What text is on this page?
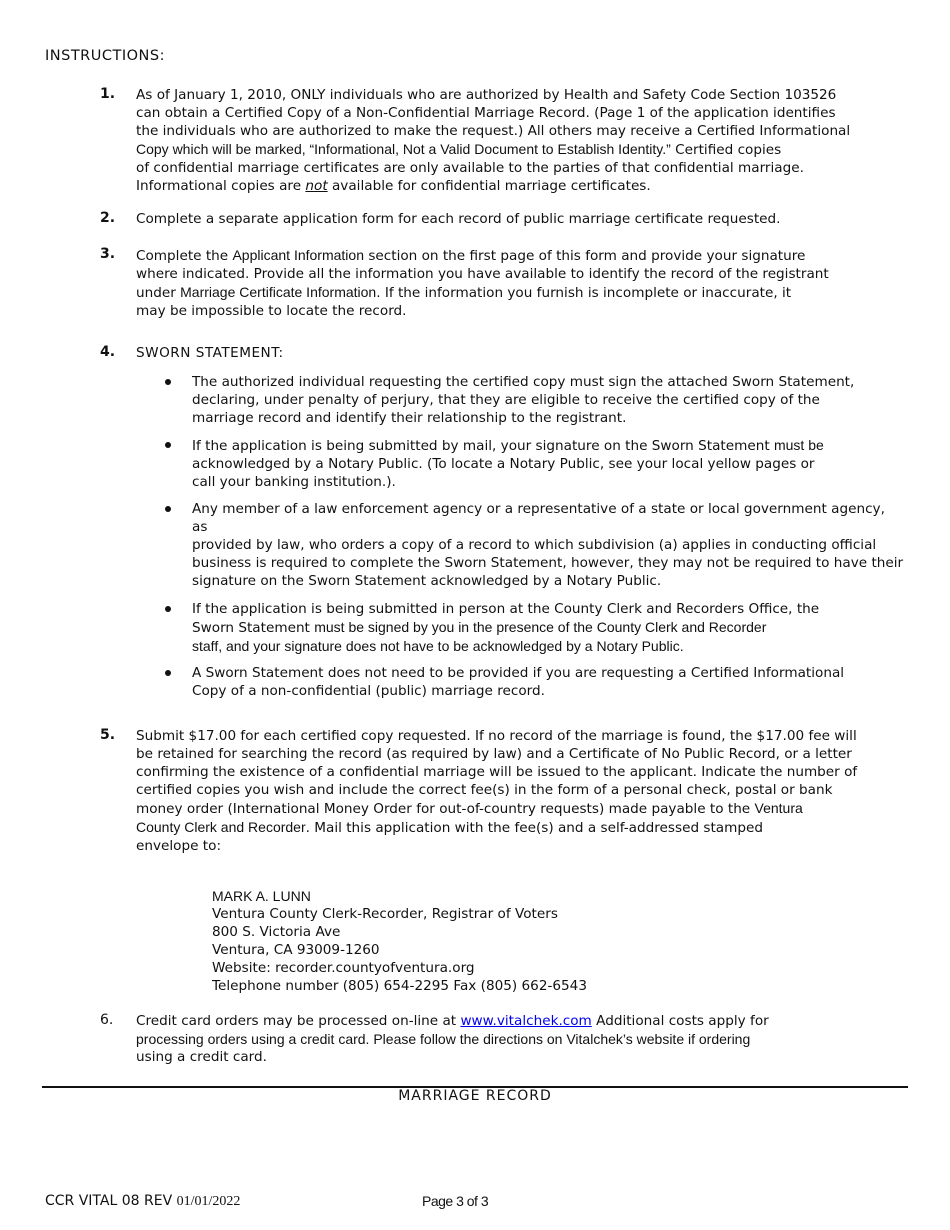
INSTRUCTIONS:
1. As of January 1, 2010, ONLY individuals who are authorized by Health and Safety Code Section 103526
can obtain a Certified Copy of a Non-Confidential Marriage Record. (Page 1 of the application identifies
the individuals who are authorized to make the request.) All others may receive a Certified Informational
Copy which will be marked, “Informational, Not a Valid Document to Establish Identity.” Certified copies
of confidential marriage certificates are only available to the parties of that confidential marriage.
Informational copies are not available for confidential marriage certificates.
2. Complete a separate application form for each record of public marriage certificate requested.
3. Complete the Applicant Information section on the first page of this form and provide your signature
where indicated. Provide all the information you have available to identify the record of the registrant
under Marriage Certificate Information. If the information you furnish is incomplete or inaccurate, it
may be impossible to locate the record.
4. SWORN STATEMENT:
The authorized individual requesting the certified copy must sign the attached Sworn Statement,
declaring, under penalty of perjury, that they are eligible to receive the certified copy of the
marriage record and identify their relationship to the registrant.
If the application is being submitted by mail, your signature on the Sworn Statement must be
acknowledged by a Notary Public. (To locate a Notary Public, see your local yellow pages or
call your banking institution.).
Any member of a law enforcement agency or a representative of a state or local government agency, as
provided by law, who orders a copy of a record to which subdivision (a) applies in conducting official
business is required to complete the Sworn Statement, however, they may not be required to have their
signature on the Sworn Statement acknowledged by a Notary Public.
If the application is being submitted in person at the County Clerk and Recorders Office, the
Sworn Statement must be signed by you in the presence of the County Clerk and Recorder
staff, and your signature does not have to be acknowledged by a Notary Public.
A Sworn Statement does not need to be provided if you are requesting a Certified Informational
Copy of a non-confidential (public) marriage record.
5. Submit $17.00 for each certified copy requested. If no record of the marriage is found, the $17.00 fee will
be retained for searching the record (as required by law) and a Certificate of No Public Record, or a letter
confirming the existence of a confidential marriage will be issued to the applicant. Indicate the number of
certified copies you wish and include the correct fee(s) in the form of a personal check, postal or bank
money order (International Money Order for out-of-country requests) made payable to the Ventura
County Clerk and Recorder. Mail this application with the fee(s) and a self-addressed stamped
envelope to:
MARK A. LUNN
Ventura County Clerk-Recorder, Registrar of Voters
800 S. Victoria Ave
Ventura, CA 93009-1260
Website: recorder.countyofventura.org
Telephone number (805) 654-2295 Fax (805) 662-6543
6. Credit card orders may be processed on-line at www.vitalchek.com Additional costs apply for
processing orders using a credit card. Please follow the directions on Vitalchek’s website if ordering
using a credit card.
MARRIAGE RECORD
CCR VITAL 08 REV 01/01/2022	Page 3 of 3
